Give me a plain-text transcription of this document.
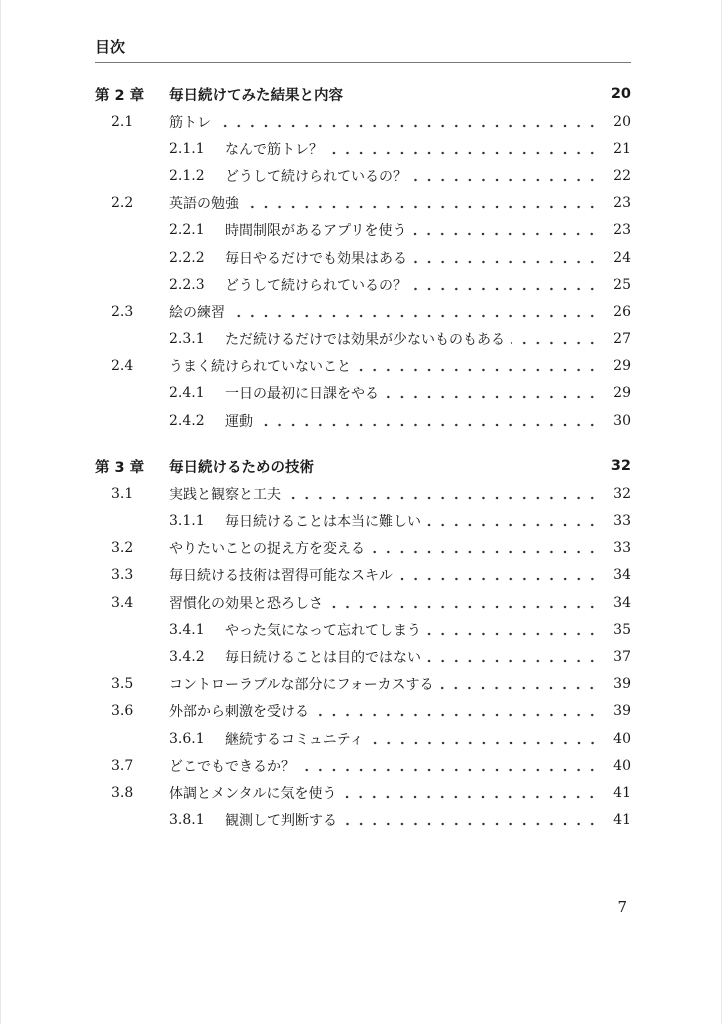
目次
第 2 章	毎日続けてみた結果と内容	20
2.1	筋トレ	20
2.1.1	なんで筋トレ？	21
2.1.2	どうして続けられているの？	22
2.2	英語の勉強	23
2.2.1	時間制限があるアプリを使う	23
2.2.2	毎日やるだけでも効果はある	24
2.2.3	どうして続けられているの？	25
2.3	絵の練習	26
2.3.1	ただ続けるだけでは効果が少ないものもある	27
2.4	うまく続けられていないこと	29
2.4.1	一日の最初に日課をやる	29
2.4.2	運動	30
第 3 章	毎日続けるための技術	32
3.1	実践と観察と工夫	32
3.1.1	毎日続けることは本当に難しい	33
3.2	やりたいことの捉え方を変える	33
3.3	毎日続ける技術は習得可能なスキル	34
3.4	習慣化の効果と恐ろしさ	34
3.4.1	やった気になって忘れてしまう	35
3.4.2	毎日続けることは目的ではない	37
3.5	コントローラブルな部分にフォーカスする	39
3.6	外部から刺激を受ける	39
3.6.1	継続するコミュニティ	40
3.7	どこでもできるか？	40
3.8	体調とメンタルに気を使う	41
3.8.1	観測して判断する	41
7
